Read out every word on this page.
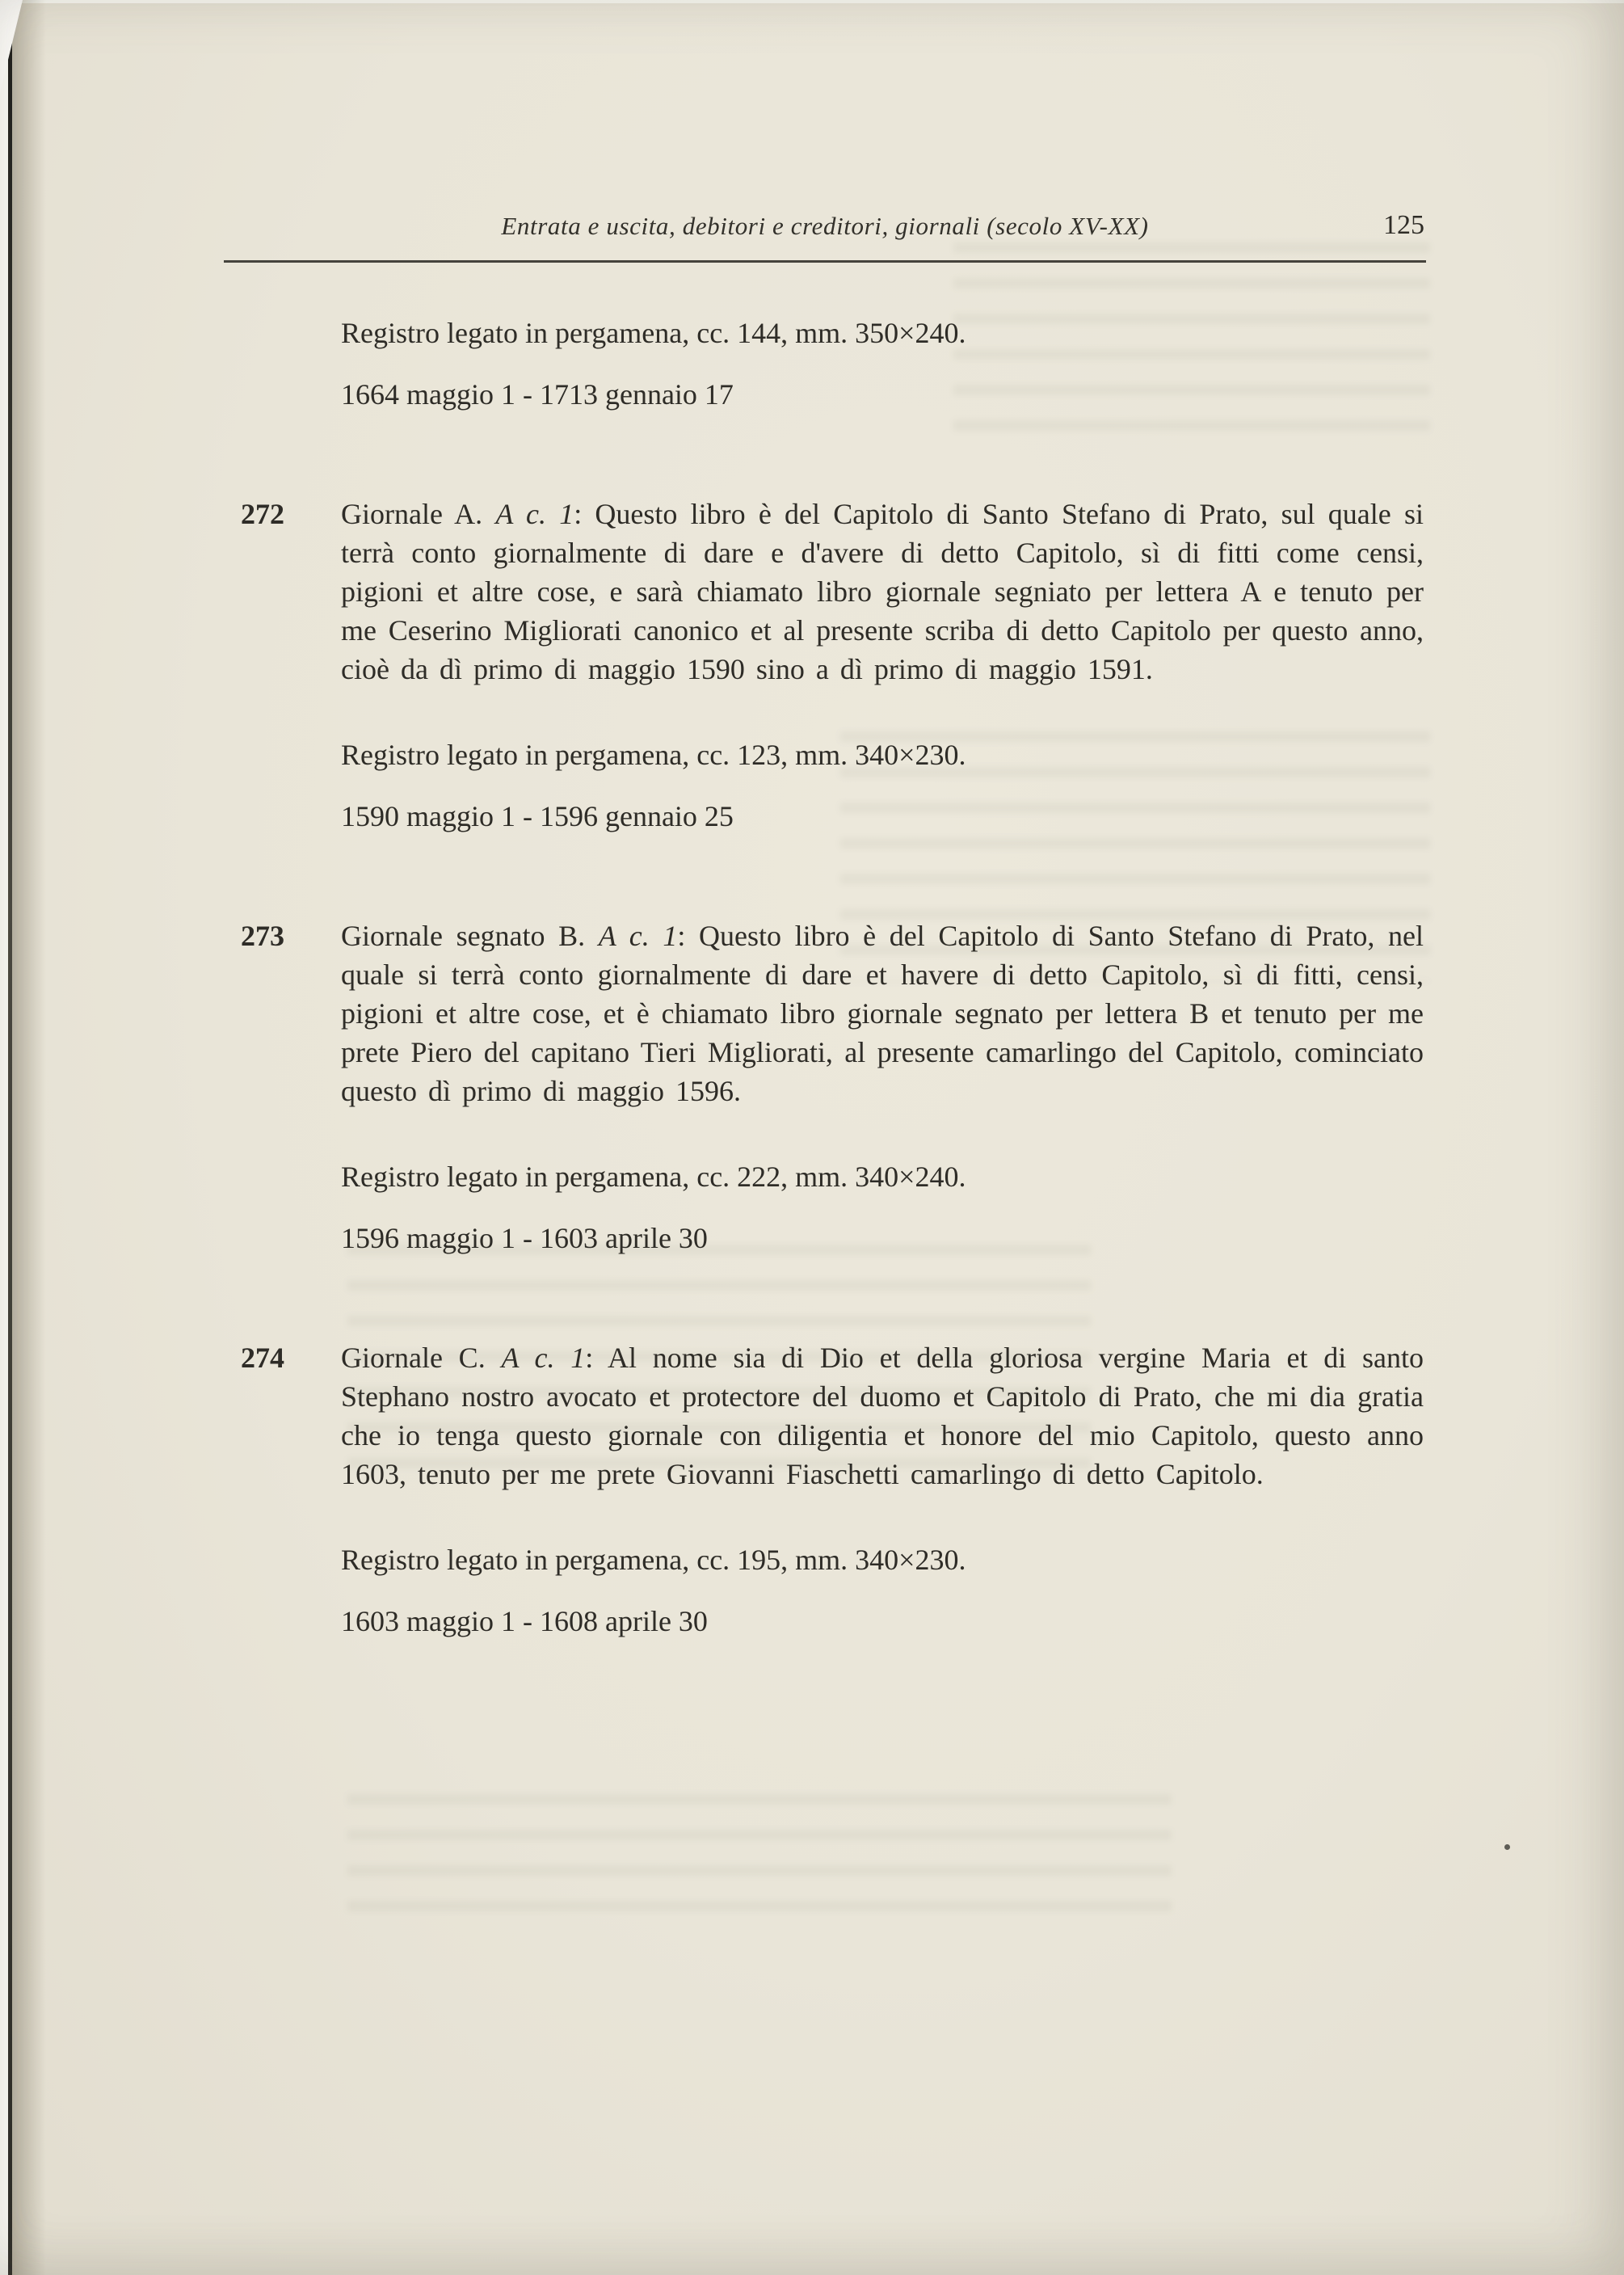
Entrata e uscita, debitori e creditori, giornali (secolo XV-XX)	125

Registro legato in pergamena, cc. 144, mm. 350×240.

1664 maggio 1 - 1713 gennaio 17

272 Giornale A. A c. 1: Questo libro è del Capitolo di Santo Stefano di Prato, sul quale si terrà conto giornalmente di dare e d'avere di detto Capitolo, sì di fitti come censi, pigioni et altre cose, e sarà chiamato libro giornale segniato per lettera A e tenuto per me Ceserino Migliorati canonico et al presente scriba di detto Capitolo per questo anno, cioè da dì primo di maggio 1590 sino a dì primo di maggio 1591.

Registro legato in pergamena, cc. 123, mm. 340×230.

1590 maggio 1 - 1596 gennaio 25

273 Giornale segnato B. A c. 1: Questo libro è del Capitolo di Santo Stefano di Prato, nel quale si terrà conto giornalmente di dare et havere di detto Capitolo, sì di fitti, censi, pigioni et altre cose, et è chiamato libro giornale segnato per lettera B et tenuto per me prete Piero del capitano Tieri Migliorati, al presente camarlingo del Capitolo, cominciato questo dì primo di maggio 1596.

Registro legato in pergamena, cc. 222, mm. 340×240.

1596 maggio 1 - 1603 aprile 30

274 Giornale C. A c. 1: Al nome sia di Dio et della gloriosa vergine Maria et di santo Stephano nostro avocato et protectore del duomo et Capitolo di Prato, che mi dia gratia che io tenga questo giornale con diligentia et honore del mio Capitolo, questo anno 1603, tenuto per me prete Giovanni Fiaschetti camarlingo di detto Capitolo.

Registro legato in pergamena, cc. 195, mm. 340×230.

1603 maggio 1 - 1608 aprile 30
